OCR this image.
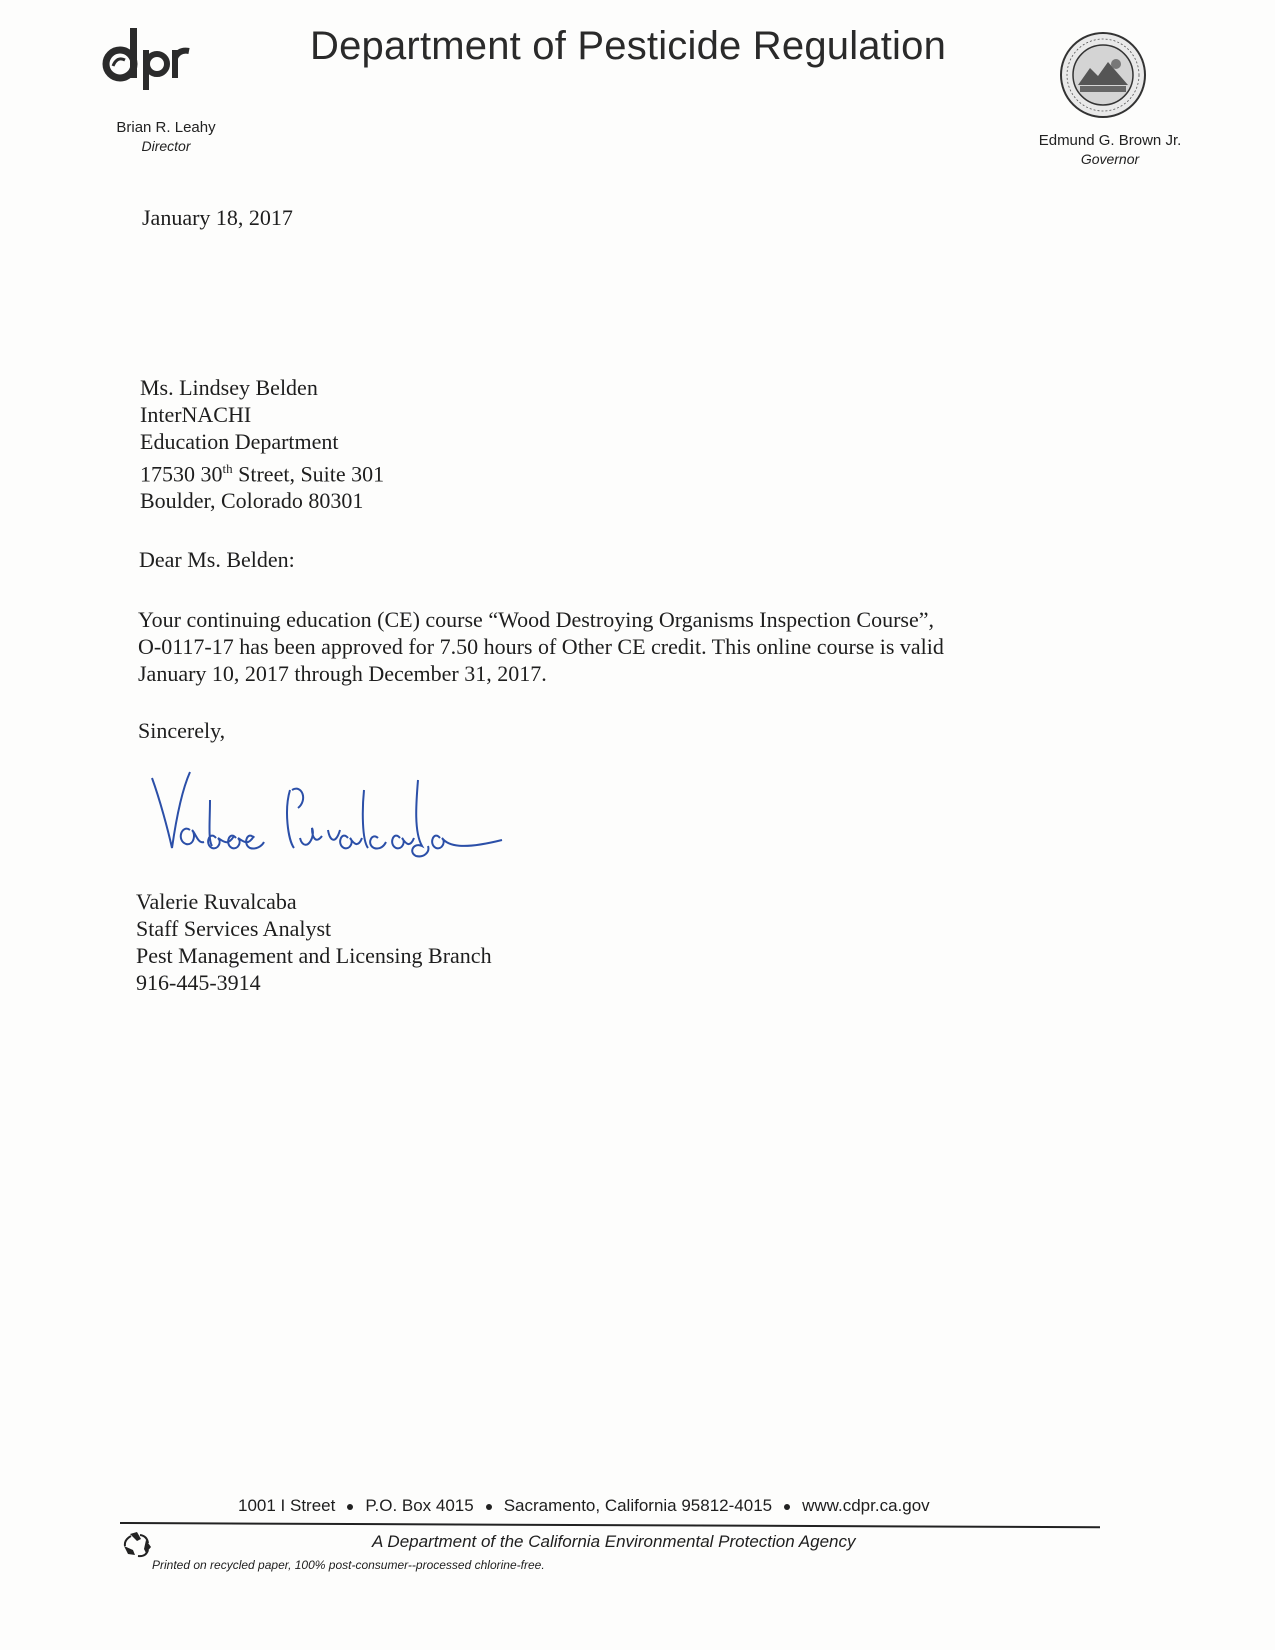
Department of Pesticide Regulation
Brian R. Leahy
Director	Edmund G. Brown Jr.
Governor
January 18, 2017
Ms. Lindsey Belden
InterNACHI
Education Department
17530 30th Street, Suite 301
Boulder, Colorado 80301
Dear Ms. Belden:
Your continuing education (CE) course “Wood Destroying Organisms Inspection Course”,
O-0117-17 has been approved for 7.50 hours of Other CE credit. This online course is valid
January 10, 2017 through December 31, 2017.
Sincerely,
Valerie Ruvalcaba
Staff Services Analyst
Pest Management and Licensing Branch
916-445-3914
1001 I Street P.O. Box 4015 Sacramento, California 95812-4015 www.cdpr.ca.gov
A Department of the California Environmental Protection Agency
Printed on recycled paper, 100% post-consumer--processed chlorine-free.
